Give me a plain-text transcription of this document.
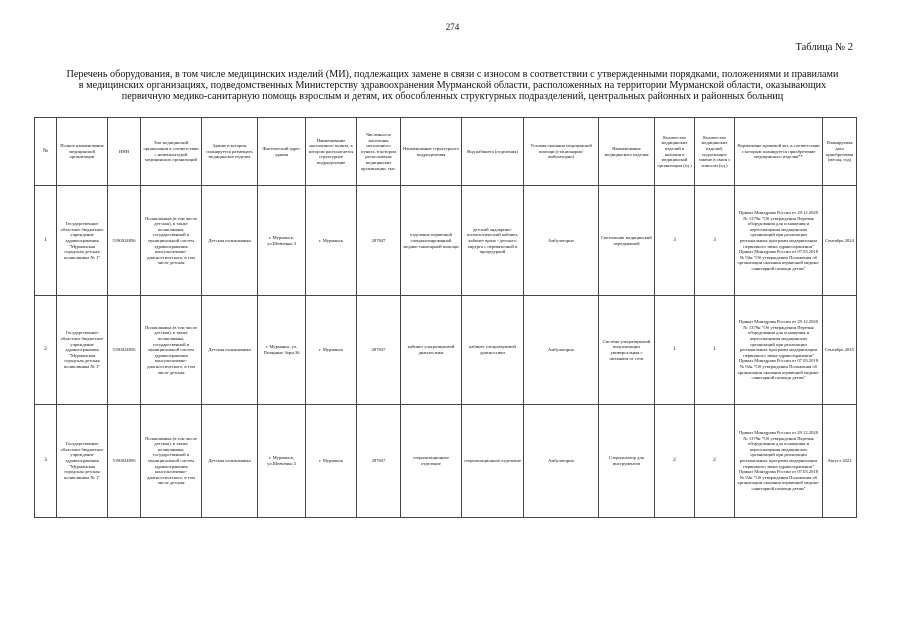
274
Таблица № 2
Перечень оборудования, в том числе медицинских изделий (МИ), подлежащих замене в связи с износом в соответствии с утвержденными порядками, положениями и правилами
в медицинских организациях, подведомственных Министерству здравоохранения Мурманской области, расположенных на территории Мурманской области, оказывающих
первичную медико-санитарную помощь взрослым и детям, их обособленных структурных подразделений, центральных районных и районных больниц
№	Полное наименование медицинской организации	ИНН	Тип медицинской организации в соответствии с номенклатурой медицинских организаций	Здание в котором планируется размещать медицинское изделие	Фактический адрес здания	Наименование населенного пункта, в котором располагается структурное подразделение	Численность населения населенного пункта, в котором расположены медицинские организации, тыс.	Наименование структурного подразделения	Вид кабинета (отделения)	Условия оказания медицинской помощи (стационарно/ амбулаторно)	Наименование медицинского изделия	Количество медицинских изделий в наличии в медицинской организации (ед.)	Количество медицинских изделий, подлежащих замене в связи с износом (ед.)	Нормативно-правовой акт, в соответствии с которым планируется приобретение медицинского изделия**	Планируемая дата приобретения (месяц, год)
1	Государственное областное бюджетное учреждение здравоохранения "Мурманская городская детская поликлиника № 1"	5190024856	Поликлиника (в том числе детская), в также поликлиника, государственной и муниципальной систем здравоохранения консультативно-диагностического, в том числе детская	Детская поликлиника	г. Мурманск, ул.Шевченко,3	г. Мурманск	287847	отделение первичной специализированной медико-санитарной помощи	детский эндокрино-психологический кабинет, кабинет врача - детского хирурга с перевязочной и процедурной	Амбулаторно	Светильник медицинский передвижной	3	3	Приказ Минздрава России от 29.12.2020 № 1379н "Об утверждении Перечня оборудования для оснащения и переоснащения медицинских организаций при реализации региональных программ модернизации первичного звена здравоохранения" Приказ Минздрава России от 07.03.2018 № 92н "Об утверждении Положения об организации оказания первичной медико-санитарной помощи детям"	Сентябрь 2024
2	Государственное областное бюджетное учреждение здравоохранения "Мурманская городская детская поликлиника № 1"	5190024856	Поликлиника (в том числе детская), в также поликлиника, государственной и муниципальной систем здравоохранения консультативно-диагностического, в том числе детская	Детская поликлиника	г. Мурманск, ул. Полярные Зори,36	г. Мурманск	287847	кабинет ультразвуковой диагностики	кабинет ультразвуковой диагностики	Амбулаторно	Система ультразвуковой визуализации универсальная с питанием от сети	1	1	Приказ Минздрава России от 29.12.2020 № 1379н "Об утверждении Перечня оборудования для оснащения и переоснащения медицинских организаций при реализации региональных программ модернизации первичного звена здравоохранения" Приказ Минздрава России от 07.03.2018 № 92н "Об утверждении Положения об организации оказания первичной медико-санитарной помощи детям"	Сентябрь 2025
3	Государственное областное бюджетное учреждение здравоохранения "Мурманская городская детская поликлиника № 1"	5190024856	Поликлиника (в том числе детская), в также поликлиника, государственной и муниципальной систем здравоохранения консультативно-диагностического, в том числе детская	Детская поликлиника	г. Мурманск, ул.Шевченко,3	г. Мурманск	287847	стерилизационное отделение	стерилизационное отделение	Амбулаторно	Стерилизатор для инструментов	2	2	Приказ Минздрава России от 29.12.2020 № 1379н "Об утверждении Перечня оборудования для оснащения и переоснащения медицинских организаций при реализации региональных программ модернизации первичного звена здравоохранения" Приказ Минздрава России от 07.03.2018 № 92н "Об утверждении Положения об организации оказания первичной медико-санитарной помощи детям"	Август 2022
